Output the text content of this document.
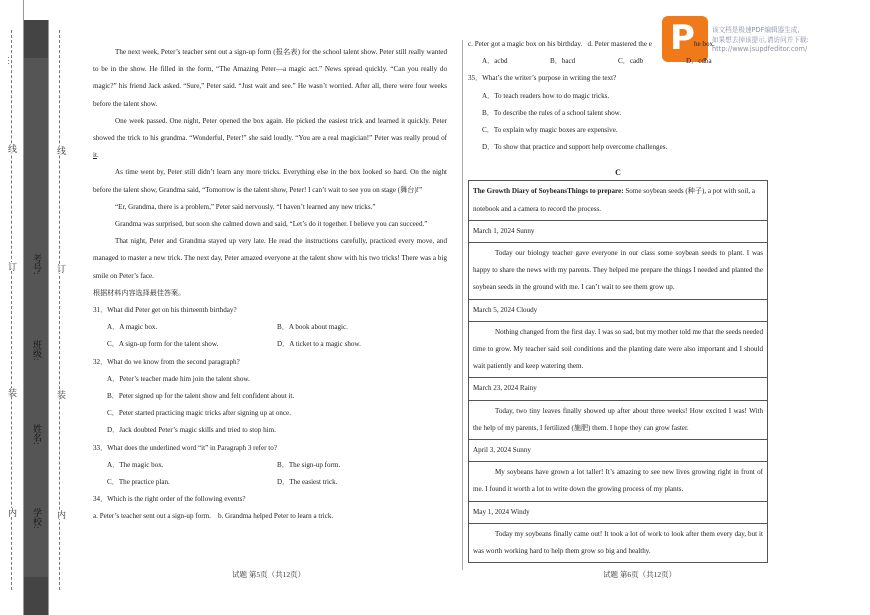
…
线
订
装
内 学校:
姓名:
班级:
考号:
线
订
装
内
P	该文档是极速PDF编辑器生成,
如果想去掉该提示,请访问并下载:
http://www.jsupdfeditor.com/
The next week, Peter’s teacher sent out a sign-up form (报名表) for the school talent show. Peter still really wanted to be in the show. He filled in the form, “The Amazing Peter—a magic act.” News spread quickly. “Can you really do magic?” his friend Jack asked. “Sure,” Peter said. “Just wait and see.” He wasn’t worried. After all, there were four weeks before the talent show.
One week passed. One night, Peter opened the box again. He picked the easiest trick and learned it quickly. Peter showed the trick to his grandma. “Wonderful, Peter!” she said loudly. “You are a real magician!” Peter was really proud of it.
As time went by, Peter still didn’t learn any more tricks. Everything else in the box looked so hard. On the night before the talent show, Grandma said, “Tomorrow is the talent show, Peter! I can’t wait to see you on stage (舞台)!”
“Er, Grandma, there is a problem,” Peter said nervously. “I haven’t learned any new tricks.”
Grandma was surprised, but soon she calmed down and said, “Let’s do it together. I believe you can succeed.”
That night, Peter and Grandma stayed up very late. He read the instructions carefully, practiced every move, and managed to master a new trick. The next day, Peter amazed everyone at the talent show with his two tricks! There was a big smile on Peter’s face.
根据材料内容选择最佳答案。
31．What did Peter get on his thirteenth birthday?
A．A magic box.	B．A book about magic.
C．A sign-up form for the talent show.	D．A ticket to a magic show.
32．What do we know from the second paragraph?
A．Peter’s teacher made him join the talent show.
B．Peter signed up for the talent show and felt confident about it.
C．Peter started practicing magic tricks after signing up at once.
D．Jack doubted Peter’s magic skills and tried to stop him.
33．What does the underlined word “it” in Paragraph 3 refer to?
A．The magic box.	B．The sign-up form.
C．The practice plan.	D．The easiest trick.
34．Which is the right order of the following events?
a. Peter’s teacher sent out a sign-up form.    b. Grandma helped Peter to learn a trick.
试题 第5页（共12页）
c. Peter got a magic box on his birthday.   d. Peter mastered the e	he box.
A．acbd	B．bacd	C．cadb	D．cdba
35．What’s the writer’s purpose in writing the text?
A．To teach readers how to do magic tricks.
B．To describe the rules of a school talent show.
C．To explain why magic boxes are expensive.
D．To show that practice and support help overcome challenges.
C
The Growth Diary of SoybeansThings to prepare: Some soybean seeds (种子), a pot with soil, a notebook and a camera to record the process.
March 1, 2024 Sunny
Today our biology teacher gave everyone in our class some soybean seeds to plant. I was happy to share the news with my parents. They helped me prepare the things I needed and planted the soybean seeds in the ground with me. I can’t wait to see them grow up.
March 5, 2024 Cloudy
Nothing changed from the first day. I was so sad, but my mother told me that the seeds needed time to grow. My teacher said soil conditions and the planting date were also important and I should wait patiently and keep watering them.
March 23, 2024 Rainy
Today, two tiny leaves finally showed up after about three weeks! How excited I was! With the help of my parents, I fertilized (施肥) them. I hope they can grow faster.
April 3, 2024 Sunny
My soybeans have grown a lot taller! It’s amazing to see new lives growing right in front of me. I found it worth a lot to write down the growing process of my plants.
May 1, 2024 Windy
Today my soybeans finally came out! It took a lot of work to look after them every day, but it was worth working hard to help them grow so big and healthy.
试题 第6页（共12页）
